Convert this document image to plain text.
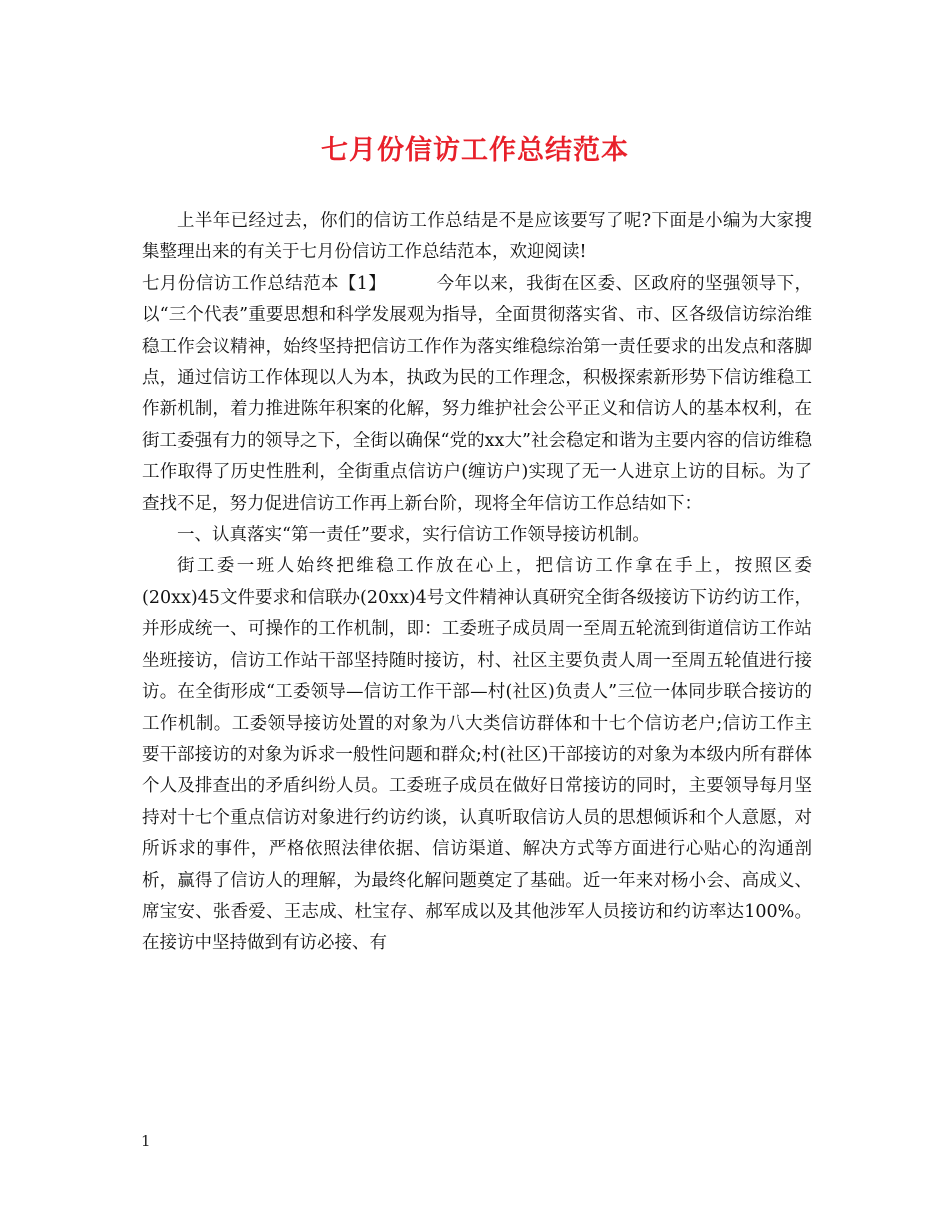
七月份信访工作总结范本

上半年已经过去，你们的信访工作总结是不是应该要写了呢?下面是小编为大家搜集整理出来的有关于七月份信访工作总结范本，欢迎阅读!

七月份信访工作总结范本【1】	今年以来，我街在区委、区政府的坚强领导下，以“三个代表”重要思想和科学发展观为指导，全面贯彻落实省、市、区各级信访综治维稳工作会议精神，始终坚持把信访工作作为落实维稳综治第一责任要求的出发点和落脚点，通过信访工作体现以人为本，执政为民的工作理念，积极探索新形势下信访维稳工作新机制，着力推进陈年积案的化解，努力维护社会公平正义和信访人的基本权利，在街工委强有力的领导之下，全街以确保“党的xx大”社会稳定和谐为主要内容的信访维稳工作取得了历史性胜利，全街重点信访户(缠访户)实现了无一人进京上访的目标。为了查找不足，努力促进信访工作再上新台阶，现将全年信访工作总结如下：

一、认真落实“第一责任”要求，实行信访工作领导接访机制。

街工委一班人始终把维稳工作放在心上，把信访工作拿在手上，按照区委(20xx)45文件要求和信联办(20xx)4号文件精神认真研究全街各级接访下访约访工作，并形成统一、可操作的工作机制，即：工委班子成员周一至周五轮流到街道信访工作站坐班接访，信访工作站干部坚持随时接访，村、社区主要负责人周一至周五轮值进行接访。在全街形成“工委领导—信访工作干部—村(社区)负责人”三位一体同步联合接访的工作机制。工委领导接访处置的对象为八大类信访群体和十七个信访老户;信访工作主要干部接访的对象为诉求一般性问题和群众;村(社区)干部接访的对象为本级内所有群体个人及排查出的矛盾纠纷人员。工委班子成员在做好日常接访的同时，主要领导每月坚持对十七个重点信访对象进行约访约谈，认真听取信访人员的思想倾诉和个人意愿，对所诉求的事件，严格依照法律依据、信访渠道、解决方式等方面进行心贴心的沟通剖析，赢得了信访人的理解，为最终化解问题奠定了基础。近一年来对杨小会、高成义、席宝安、张香爱、王志成、杜宝存、郝军成以及其他涉军人员接访和约访率达100%。在接访中坚持做到有访必接、有

1
